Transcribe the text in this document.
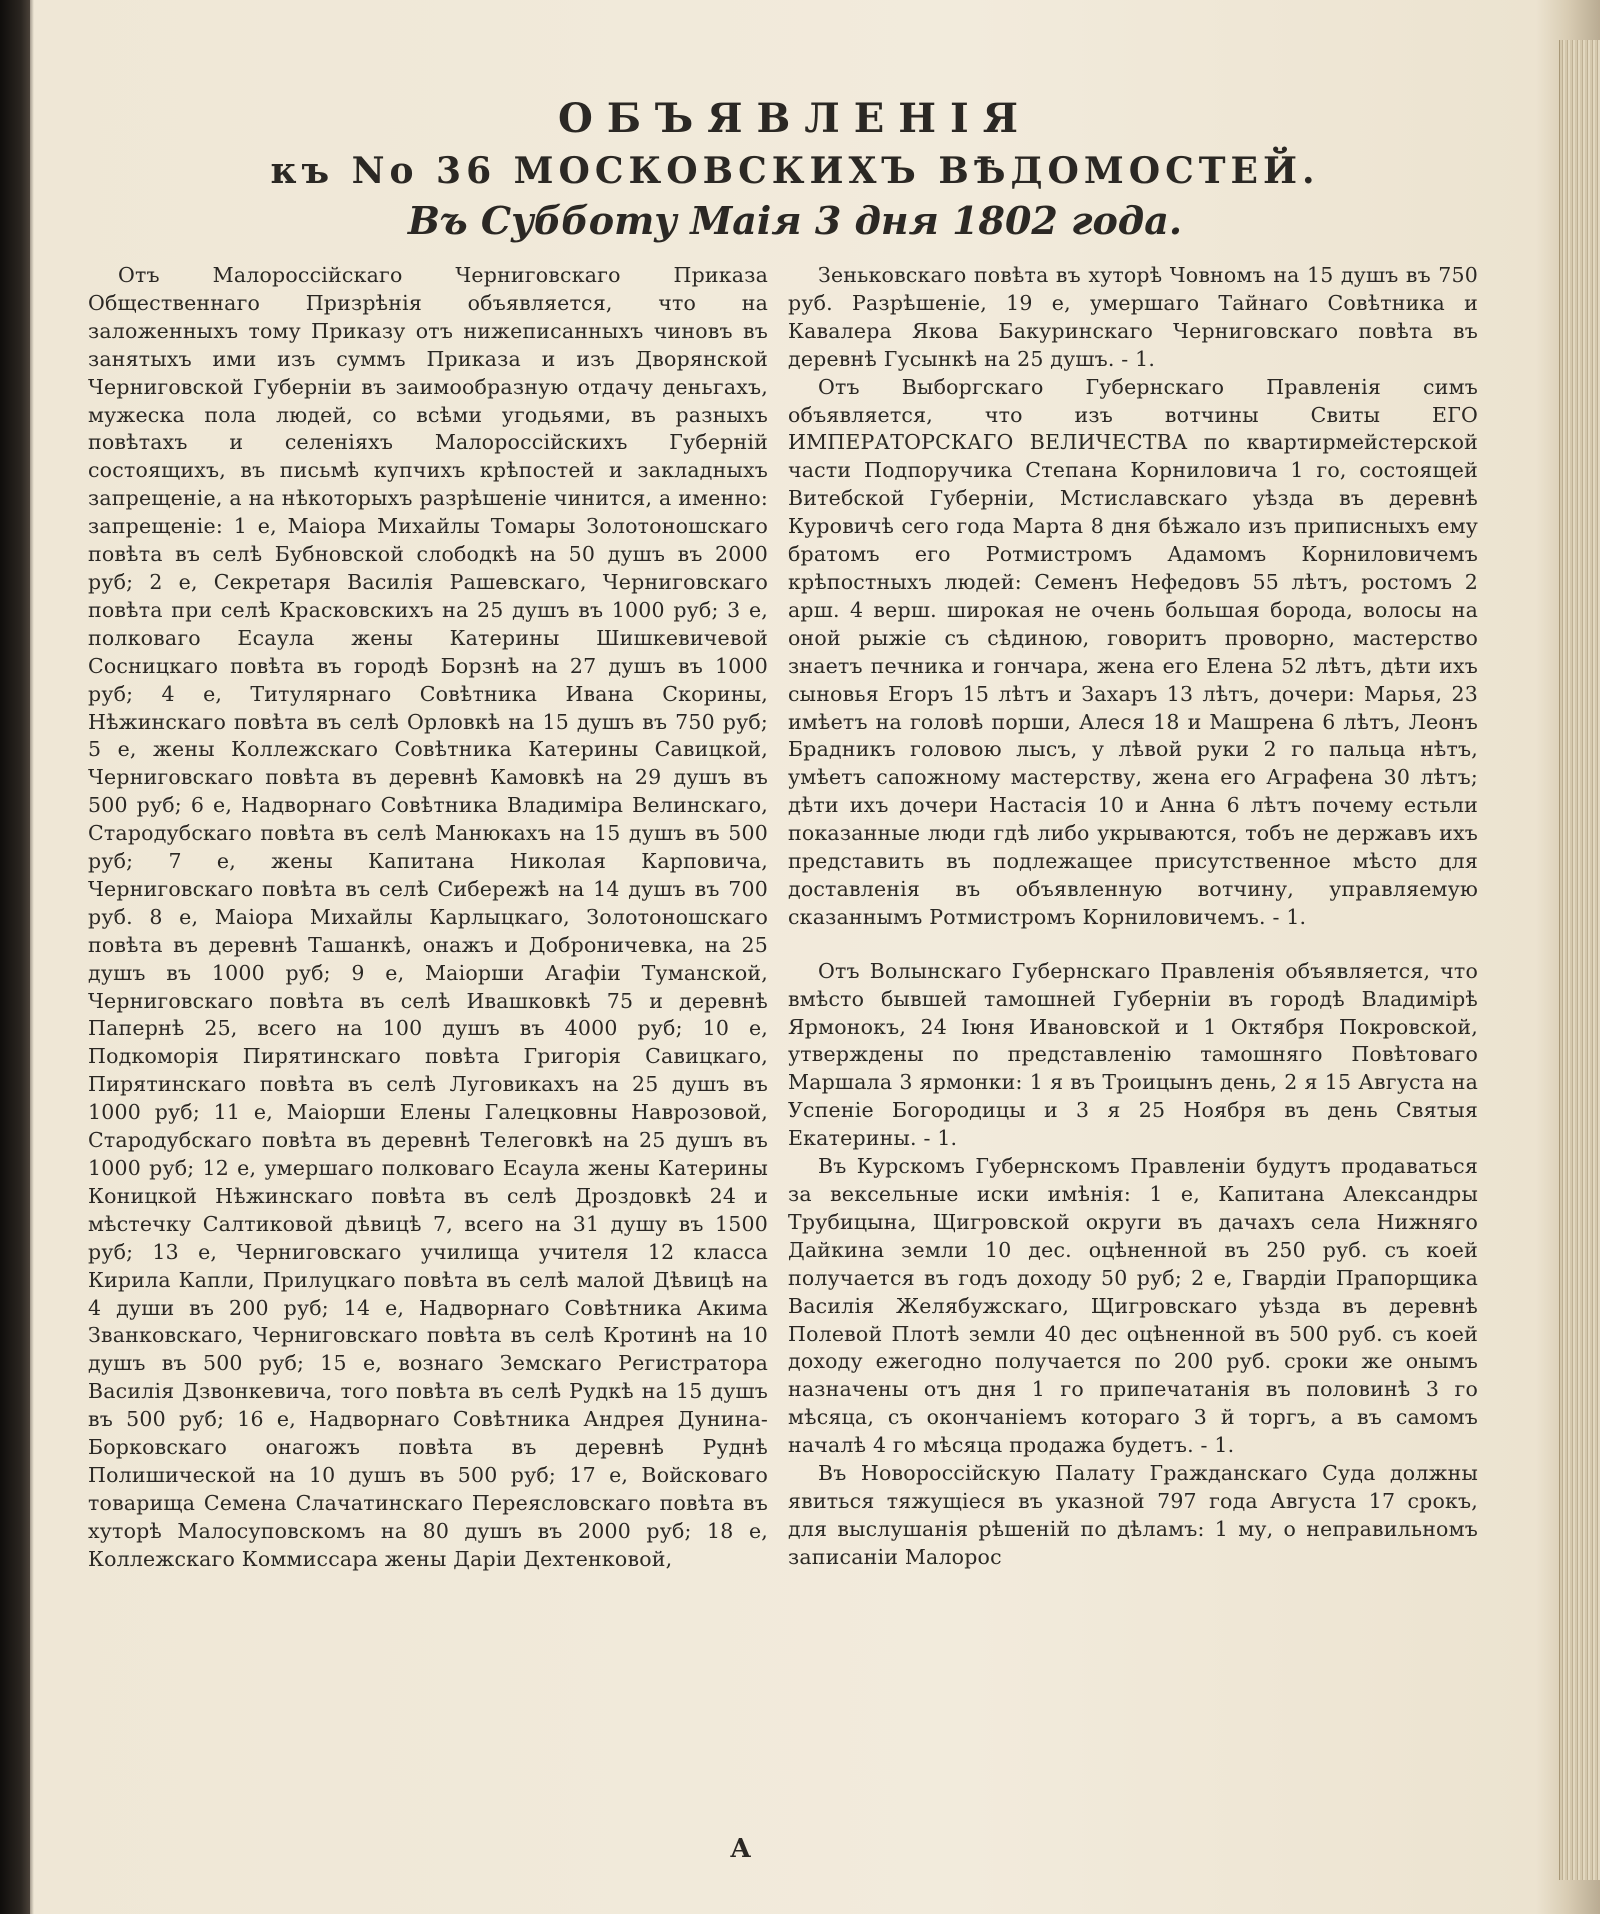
ОБЪЯВЛЕНІЯ
къ No 36 МОСКОВСКИХЪ ВѢДОМОСТЕЙ.
Въ Субботу Маія 3 дня 1802 года.

Отъ Малороссійскаго Черниговскаго Приказа Общественнаго Призрѣнія объявляется, что на заложенныхъ тому Приказу отъ нижеписанныхъ чиновъ въ занятыхъ ими изъ суммъ Приказа и изъ Дворянской Черниговской Губерніи въ заимообразную отдачу деньгахъ, мужеска пола людей, со всѣми угодьями, въ разныхъ повѣтахъ и селеніяхъ Малороссійскихъ Губерній состоящихъ, въ письмѣ купчихъ крѣпостей и закладныхъ запрещеніе, а на нѣкоторыхъ разрѣшеніе чинится, а именно: запрещеніе: 1 е, Маіора Михайлы Томары Золотоношскаго повѣта въ селѣ Бубновской слободкѣ на 50 душъ въ 2000 руб; 2 е, Секретаря Василія Рашевскаго, Черниговскаго повѣта при селѣ Красковскихъ на 25 душъ въ 1000 руб; 3 е, полковаго Есаула жены Катерины Шишкевичевой Сосницкаго повѣта въ городѣ Борзнѣ на 27 душъ въ 1000 руб; 4 е, Титулярнаго Совѣтника Ивана Скорины, Нѣжинскаго повѣта въ селѣ Орловкѣ на 15 душъ въ 750 руб; 5 е, жены Коллежскаго Совѣтника Катерины Савицкой, Черниговскаго повѣта въ деревнѣ Камовкѣ на 29 душъ въ 500 руб; 6 е, Надворнаго Совѣтника Владиміра Велинскаго, Стародубскаго повѣта въ селѣ Манюкахъ на 15 душъ въ 500 руб; 7 е, жены Капитана Николая Карповича, Черниговскаго повѣта въ селѣ Сибережѣ на 14 душъ въ 700 руб. 8 е, Маіора Михайлы Карлыцкаго, Золотоношскаго повѣта въ деревнѣ Ташанкѣ, онажъ и Доброничевка, на 25 душъ въ 1000 руб; 9 е, Маіорши Агафіи Туманской, Черниговскаго повѣта въ селѣ Ивашковкѣ 75 и деревнѣ Папернѣ 25, всего на 100 душъ въ 4000 руб; 10 е, Подкоморія Пирятинскаго повѣта Григорія Савицкаго, Пирятинскаго повѣта въ селѣ Луговикахъ на 25 душъ въ 1000 руб; 11 е, Маіорши Елены Галецковны Наврозовой, Стародубскаго повѣта въ деревнѣ Телеговкѣ на 25 душъ въ 1000 руб; 12 е, умершаго полковаго Есаула жены Катерины Коницкой Нѣжинскаго повѣта въ селѣ Дроздовкѣ 24 и мѣстечку Салтиковой дѣвицѣ 7, всего на 31 душу въ 1500 руб; 13 е, Черниговскаго училища учителя 12 класса Кирила Капли, Прилуцкаго повѣта въ селѣ малой Дѣвицѣ на 4 души въ 200 руб; 14 е, Надворнаго Совѣтника Акима Званковскаго, Черниговскаго повѣта въ селѣ Кротинѣ на 10 душъ въ 500 руб; 15 е, вознаго Земскаго Регистратора Василія Дзвонкевича, того повѣта въ селѣ Рудкѣ на 15 душъ въ 500 руб; 16 е, Надворнаго Совѣтника Андрея Дунина-Борковскаго онагожъ повѣта въ деревнѣ Руднѣ Полишической на 10 душъ въ 500 руб; 17 е, Войсковаго товарища Семена Слачатинскаго Переясловскаго повѣта въ хуторѣ Малосуповскомъ на 80 душъ въ 2000 руб; 18 е, Коллежскаго Коммиссара жены Даріи Дехтенковой,

Зеньковскаго повѣта въ хуторѣ Човномъ на 15 душъ въ 750 руб. Разрѣшеніе, 19 е, умершаго Тайнаго Совѣтника и Кавалера Якова Бакуринскаго Черниговскаго повѣта въ деревнѣ Гусынкѣ на 25 душъ. - 1.

Отъ Выборгскаго Губернскаго Правленія симъ объявляется, что изъ вотчины Свиты ЕГО ИМПЕРАТОРСКАГО ВЕЛИЧЕСТВА по квартирмейстерской части Подпоручика Степана Корниловича 1 го, состоящей Витебской Губерніи, Мстиславскаго уѣзда въ деревнѣ Куровичѣ сего года Марта 8 дня бѣжало изъ приписныхъ ему братомъ его Ротмистромъ Адамомъ Корниловичемъ крѣпостныхъ людей: Семенъ Нефедовъ 55 лѣтъ, ростомъ 2 арш. 4 верш. широкая не очень большая борода, волосы на оной рыжіе съ сѣдиною, говоритъ проворно, мастерство знаетъ печника и гончара, жена его Елена 52 лѣтъ, дѣти ихъ сыновья Егоръ 15 лѣтъ и Захаръ 13 лѣтъ, дочери: Марья, 23 имѣетъ на головѣ порши, Алеся 18 и Машрена 6 лѣтъ, Леонъ Брадникъ головою лысъ, у лѣвой руки 2 го пальца нѣтъ, умѣетъ сапожному мастерству, жена его Аграфена 30 лѣтъ; дѣти ихъ дочери Настасія 10 и Анна 6 лѣтъ почему естьли показанные люди гдѣ либо укрываются, тобъ не державъ ихъ представить въ подлежащее присутственное мѣсто для доставленія въ объявленную вотчину, управляемую сказаннымъ Ротмистромъ Корниловичемъ. - 1.

Отъ Волынскаго Губернскаго Правленія объявляется, что вмѣсто бывшей тамошней Губерніи въ городѣ Владимірѣ Ярмонокъ, 24 Іюня Ивановской и 1 Октября Покровской, утверждены по представленію тамошняго Повѣтоваго Маршала 3 ярмонки: 1 я въ Троицынъ день, 2 я 15 Августа на Успеніе Богородицы и 3 я 25 Ноября въ день Святыя Екатерины. - 1.

Въ Курскомъ Губернскомъ Правленіи будутъ продаваться за вексельные иски имѣнія: 1 е, Капитана Александры Трубицына, Щигровской округи въ дачахъ села Нижняго Дайкина земли 10 дес. оцѣненной въ 250 руб. съ коей получается въ годъ доходу 50 руб; 2 е, Гвардіи Прапорщика Василія Желябужскаго, Щигровскаго уѣзда въ деревнѣ Полевой Плотѣ земли 40 дес оцѣненной въ 500 руб. съ коей доходу ежегодно получается по 200 руб. сроки же онымъ назначены отъ дня 1 го припечатанія въ половинѣ 3 го мѣсяца, съ окончаніемъ котораго 3 й торгъ, а въ самомъ началѣ 4 го мѣсяца продажа будетъ. - 1.

Въ Новороссійскую Палату Гражданскаго Суда должны явиться тяжущіеся въ указной 797 года Августа 17 срокъ, для выслушанія рѣшеній по дѣламъ: 1 му, о неправильномъ записаніи Малорос

А
